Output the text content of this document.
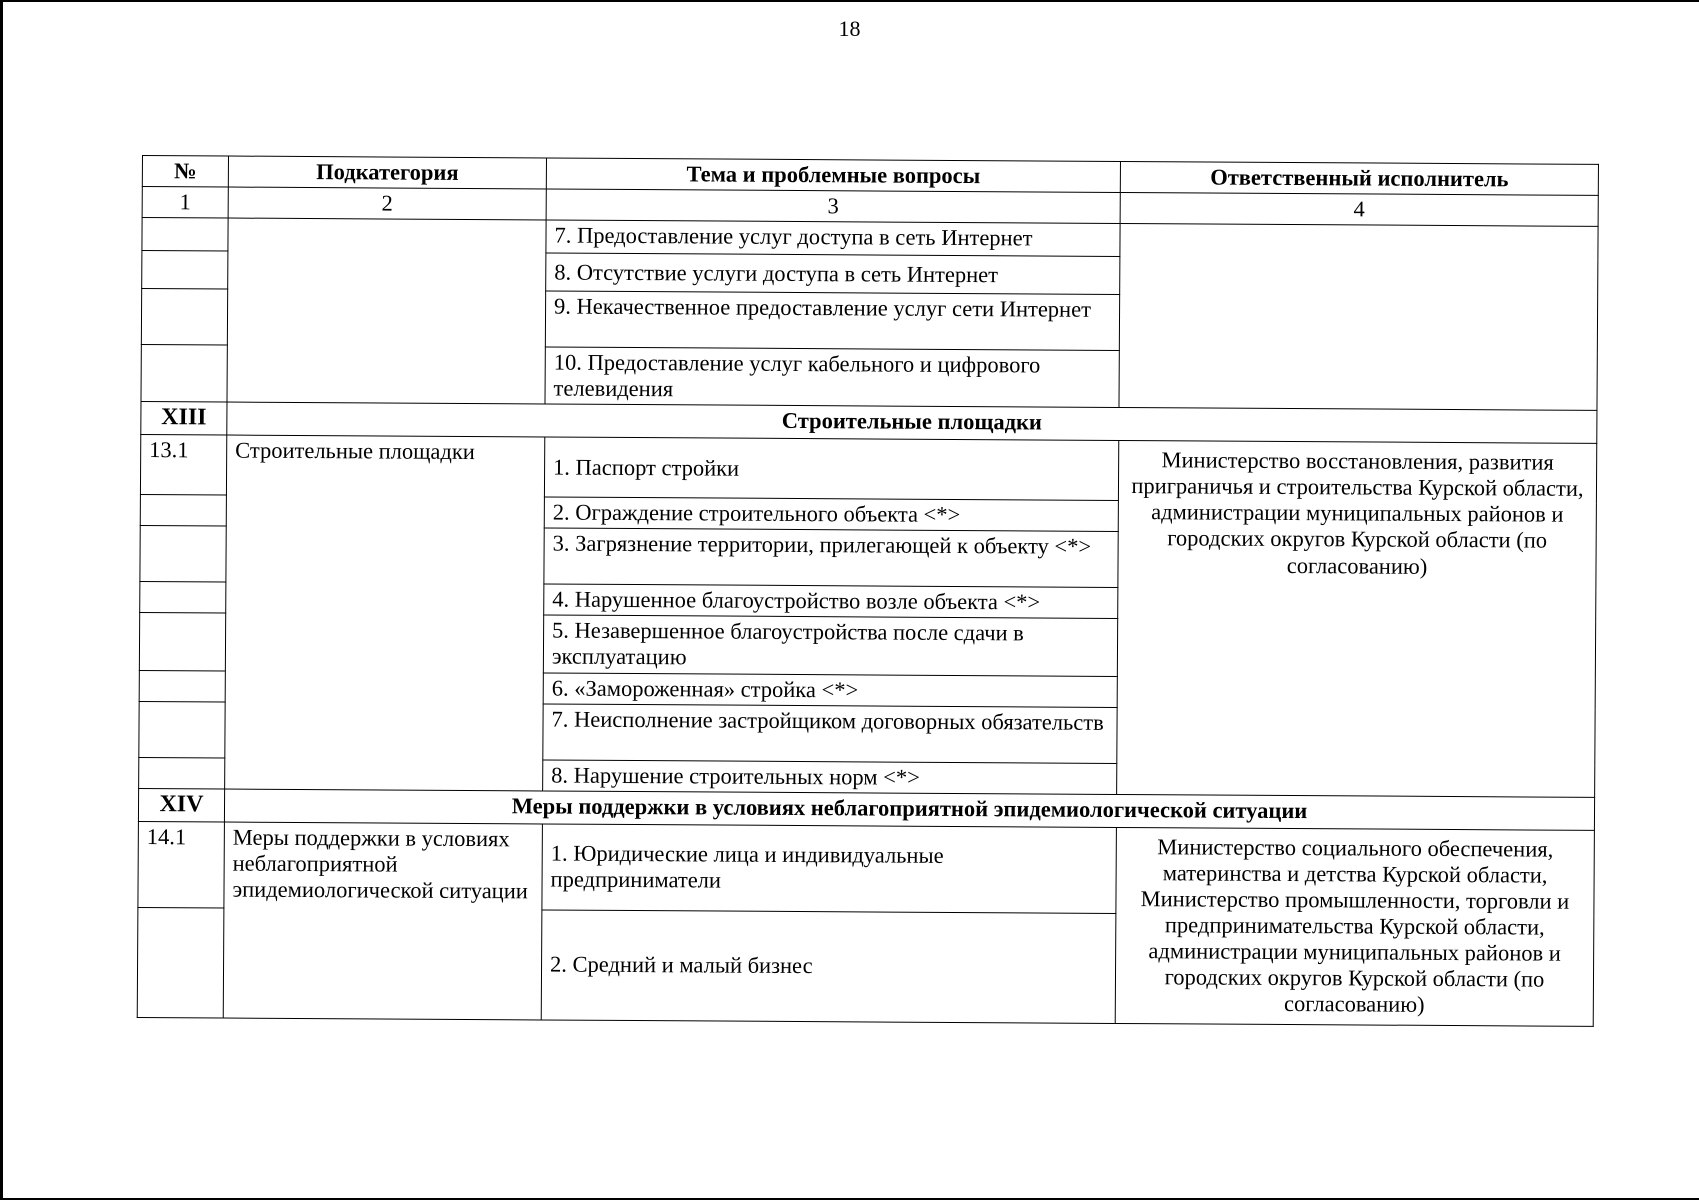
18
№	Подкатегория	Тема и проблемные вопросы	Ответственный исполнитель
1	2	3	4
		7. Предоставление услуг доступа в сеть Интернет	
		8. Отсутствие услуги доступа в сеть Интернет	
		9. Некачественное предоставление услуг сети Интернет	
		10. Предоставление услуг кабельного и цифрового телевидения	
XIII	Строительные площадки		
13.1	Строительные площадки	1. Паспорт стройки	Министерство восстановления, развития приграничья и строительства Курской области, администрации муниципальных районов и городских округов Курской области (по согласованию)
		2. Ограждение строительного объекта <*>	
		3. Загрязнение территории, прилегающей к объекту <*>	
		4. Нарушенное благоустройство возле объекта <*>	
		5. Незавершенное благоустройства после сдачи в эксплуатацию	
		6. «Замороженная» стройка <*>	
		7. Неисполнение застройщиком договорных обязательств	
		8. Нарушение строительных норм <*>	
XIV	Меры поддержки в условиях неблагоприятной эпидемиологической ситуации		
14.1	Меры поддержки в условиях неблагоприятной эпидемиологической ситуации	1. Юридические лица и индивидуальные предприниматели	Министерство социального обеспечения, материнства и детства Курской области, Министерство промышленности, торговли и предпринимательства Курской области, администрации муниципальных районов и городских округов Курской области (по согласованию)
		2. Средний и малый бизнес	
